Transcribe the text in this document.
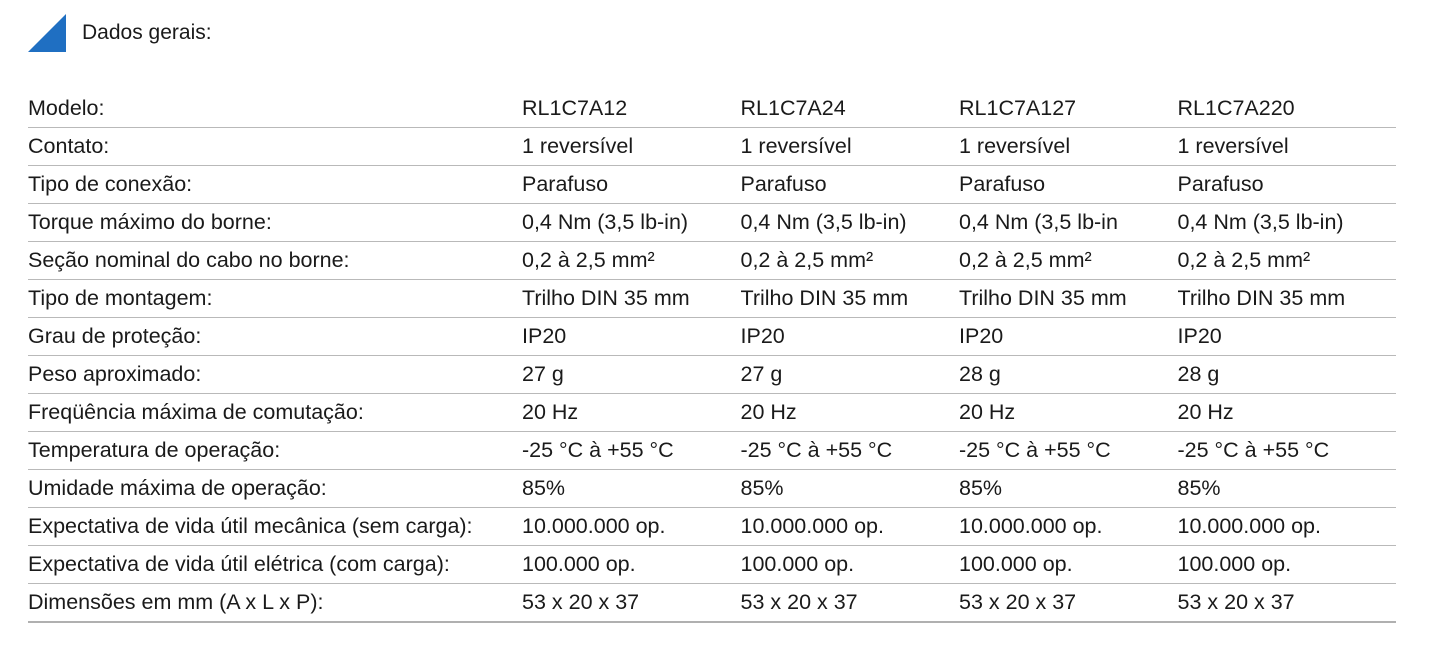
Dados gerais:
Modelo:	RL1C7A12	RL1C7A24	RL1C7A127	RL1C7A220
Contato:	1 reversível	1 reversível	1 reversível	1 reversível
Tipo de conexão:	Parafuso	Parafuso	Parafuso	Parafuso
Torque máximo do borne:	0,4 Nm (3,5 lb-in)	0,4 Nm (3,5 lb-in)	0,4 Nm (3,5 lb-in	0,4 Nm (3,5 lb-in)
Seção nominal do cabo no borne:	0,2 à 2,5 mm²	0,2 à 2,5 mm²	0,2 à 2,5 mm²	0,2 à 2,5 mm²
Tipo de montagem:	Trilho DIN 35 mm	Trilho DIN 35 mm	Trilho DIN 35 mm	Trilho DIN 35 mm
Grau de proteção:	IP20	IP20	IP20	IP20
Peso aproximado:	27 g	27 g	28 g	28 g
Freqüência máxima de comutação:	20 Hz	20 Hz	20 Hz	20 Hz
Temperatura de operação:	-25 °C à +55 °C	-25 °C à +55 °C	-25 °C à +55 °C	-25 °C à +55 °C
Umidade máxima de operação:	85%	85%	85%	85%
Expectativa de vida útil mecânica (sem carga):	10.000.000 op.	10.000.000 op.	10.000.000 op.	10.000.000 op.
Expectativa de vida útil elétrica (com carga):	100.000 op.	100.000 op.	100.000 op.	100.000 op.
Dimensões em mm (A x L x P):	53 x 20 x 37	53 x 20 x 37	53 x 20 x 37	53 x 20 x 37
